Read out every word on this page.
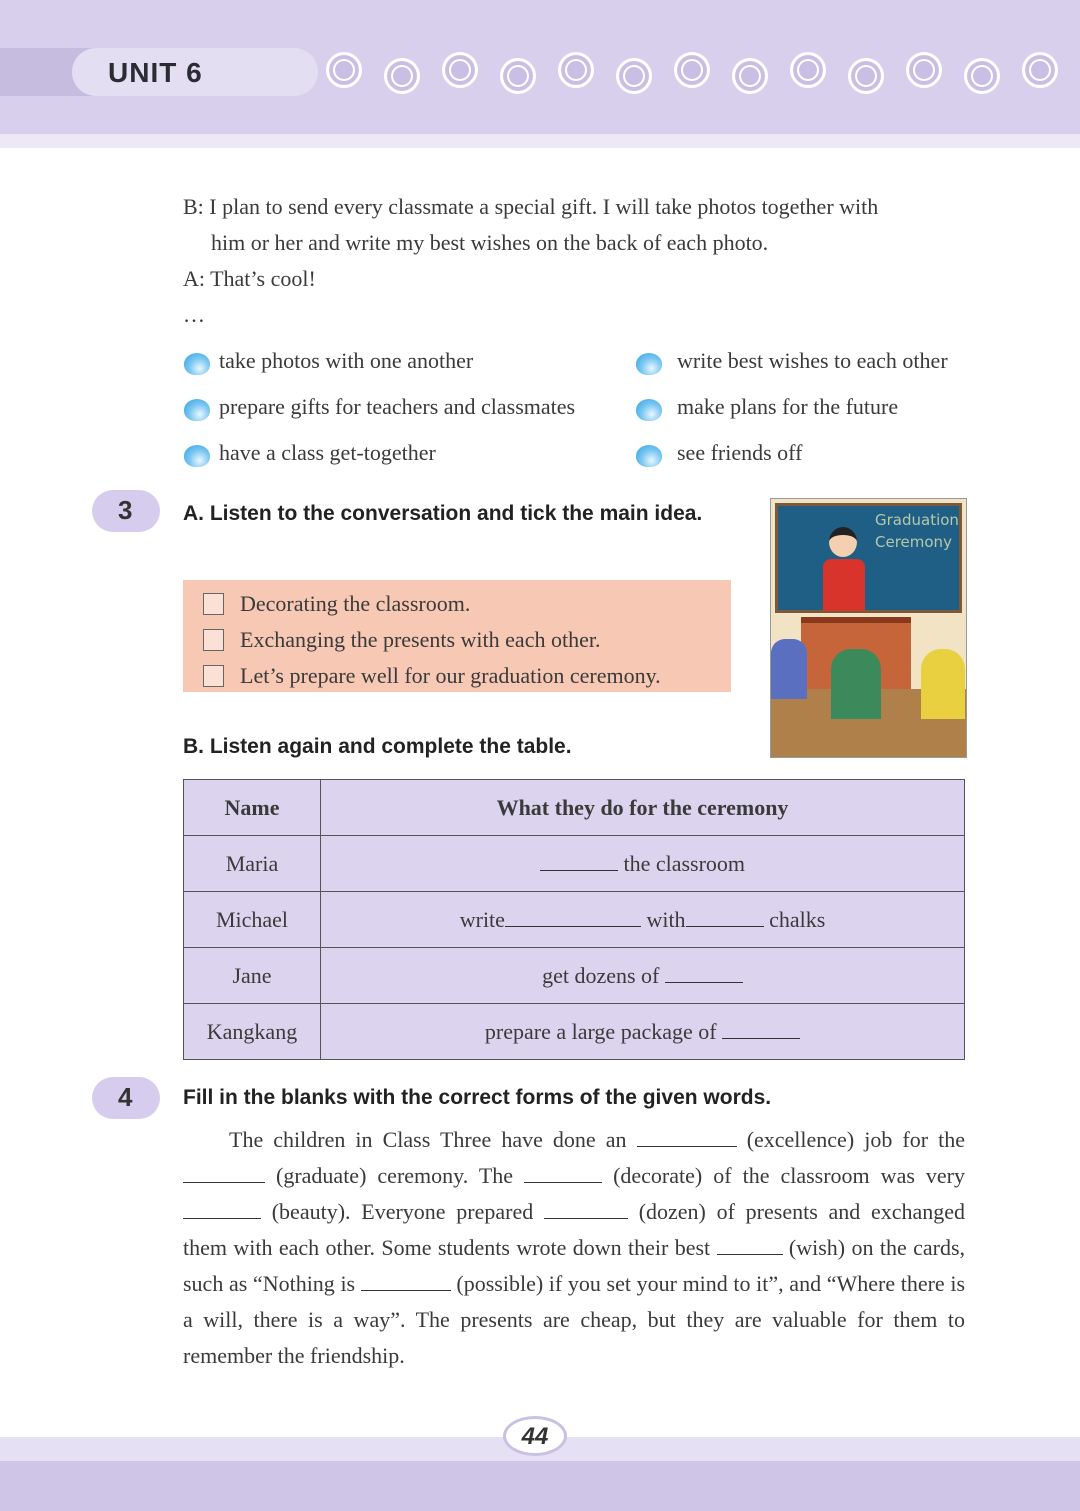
UNIT 6
B: I plan to send every classmate a special gift. I will take photos together with
him or her and write my best wishes on the back of each photo.
A: That’s cool!
…
take photos with one another
prepare gifts for teachers and classmates
have a class get-together
write best wishes to each other
make plans for the future
see friends off
3	A. Listen to the conversation and tick the main idea.
Decorating the classroom.
Exchanging the presents with each other.
Let’s prepare well for our graduation ceremony.
Graduation Ceremony
B. Listen again and complete the table.
Name	What they do for the ceremony
Maria	the classroom
Michael	write with chalks
Jane	get dozens of
Kangkang	prepare a large package of
4	Fill in the blanks with the correct forms of the given words.
The children in Class Three have done an	(excellence) job for the  (graduate) ceremony. The	(decorate) of the classroom was very (beauty). Everyone prepared	(dozen) of presents and exchanged them with each other. Some students wrote down their best	(wish) on the cards, such as “Nothing is	(possible) if you set your mind to it”, and “Where there is a will, there is a way”. The presents are cheap, but they are valuable for them to remember the friendship.
44
